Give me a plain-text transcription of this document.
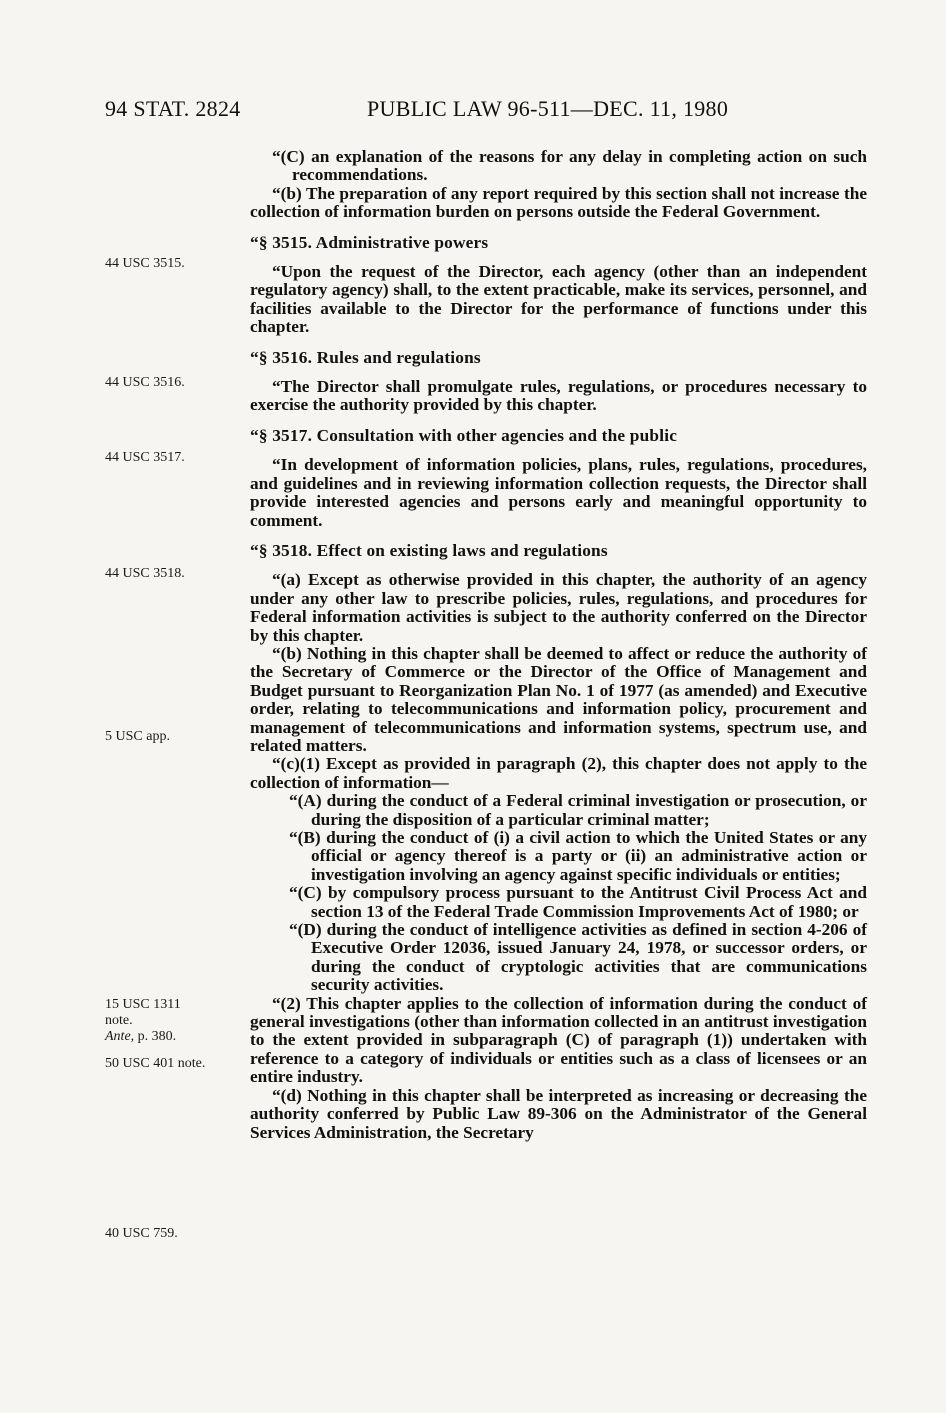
94 STAT. 2824	PUBLIC LAW 96-511—DEC. 11, 1980
44 USC 3515.
44 USC 3516.
44 USC 3517.
44 USC 3518.
5 USC app.
15 USC 1311
note.
Ante, p. 380.
50 USC 401 note.
40 USC 759.

“(C) an explanation of the reasons for any delay in completing action on such recommendations.

“(b) The preparation of any report required by this section shall not increase the collection of information burden on persons outside the Federal Government.

“§ 3515. Administrative powers

“Upon the request of the Director, each agency (other than an independent regulatory agency) shall, to the extent practicable, make its services, personnel, and facilities available to the Director for the performance of functions under this chapter.

“§ 3516. Rules and regulations

“The Director shall promulgate rules, regulations, or procedures necessary to exercise the authority provided by this chapter.

“§ 3517. Consultation with other agencies and the public

“In development of information policies, plans, rules, regulations, procedures, and guidelines and in reviewing information collection requests, the Director shall provide interested agencies and persons early and meaningful opportunity to comment.

“§ 3518. Effect on existing laws and regulations

“(a) Except as otherwise provided in this chapter, the authority of an agency under any other law to prescribe policies, rules, regulations, and procedures for Federal information activities is subject to the authority conferred on the Director by this chapter.

“(b) Nothing in this chapter shall be deemed to affect or reduce the authority of the Secretary of Commerce or the Director of the Office of Management and Budget pursuant to Reorganization Plan No. 1 of 1977 (as amended) and Executive order, relating to telecommunications and information policy, procurement and management of telecommunications and information systems, spectrum use, and related matters.

“(c)(1) Except as provided in paragraph (2), this chapter does not apply to the collection of information—

“(A) during the conduct of a Federal criminal investigation or prosecution, or during the disposition of a particular criminal matter;

“(B) during the conduct of (i) a civil action to which the United States or any official or agency thereof is a party or (ii) an administrative action or investigation involving an agency against specific individuals or entities;

“(C) by compulsory process pursuant to the Antitrust Civil Process Act and section 13 of the Federal Trade Commission Improvements Act of 1980; or

“(D) during the conduct of intelligence activities as defined in section 4-206 of Executive Order 12036, issued January 24, 1978, or successor orders, or during the conduct of cryptologic activities that are communications security activities.

“(2) This chapter applies to the collection of information during the conduct of general investigations (other than information collected in an antitrust investigation to the extent provided in subparagraph (C) of paragraph (1)) undertaken with reference to a category of individuals or entities such as a class of licensees or an entire industry.

“(d) Nothing in this chapter shall be interpreted as increasing or decreasing the authority conferred by Public Law 89-306 on the Administrator of the General Services Administration, the Secretary
